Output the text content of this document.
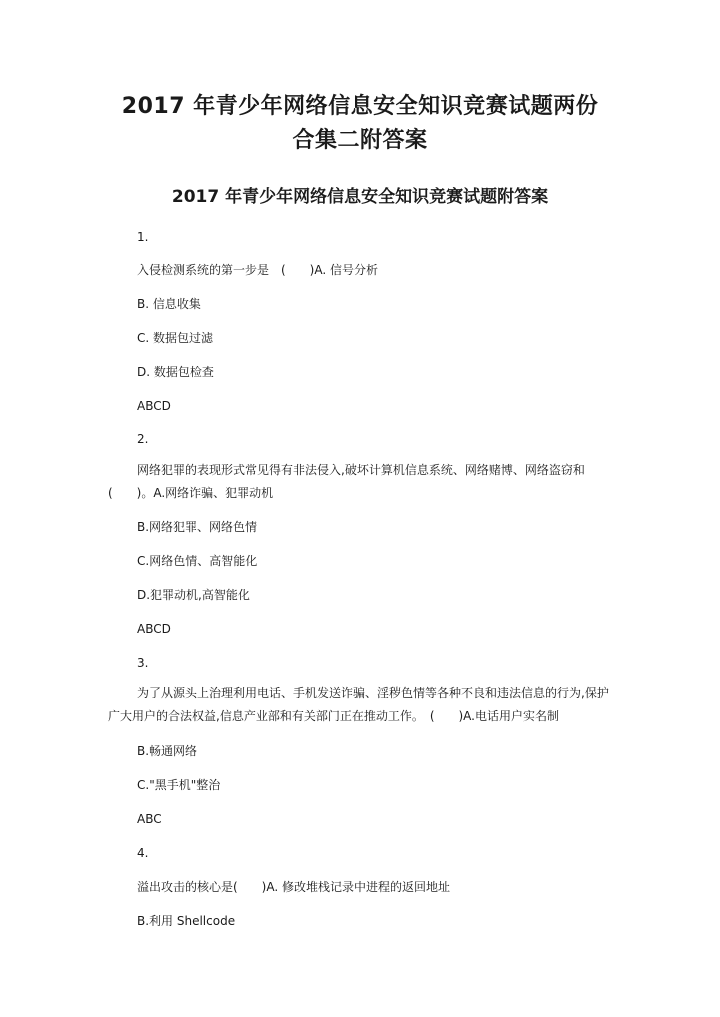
2017 年青少年网络信息安全知识竞赛试题两份
合集二附答案
2017 年青少年网络信息安全知识竞赛试题附答案
1.
入侵检测系统的第一步是　(　　)A. 信号分析
B. 信息收集
C. 数据包过滤
D. 数据包检查
ABCD
2.

网络犯罪的表现形式常见得有非法侵入,破坏计算机信息系统、网络赌博、网络盗窃和(　　)。A.网络诈骗、犯罪动机

B.网络犯罪、网络色情
C.网络色情、高智能化
D.犯罪动机,高智能化
ABCD
3.

为了从源头上治理利用电话、手机发送诈骗、淫秽色情等各种不良和违法信息的行为,保护广大用户的合法权益,信息产业部和有关部门正在推动工作。　(　　)A.电话用户实名制

B.畅通网络
C."黑手机"整治
ABC
4.
溢出攻击的核心是(　　)A. 修改堆栈记录中进程的返回地址
B.利用 Shellcode
